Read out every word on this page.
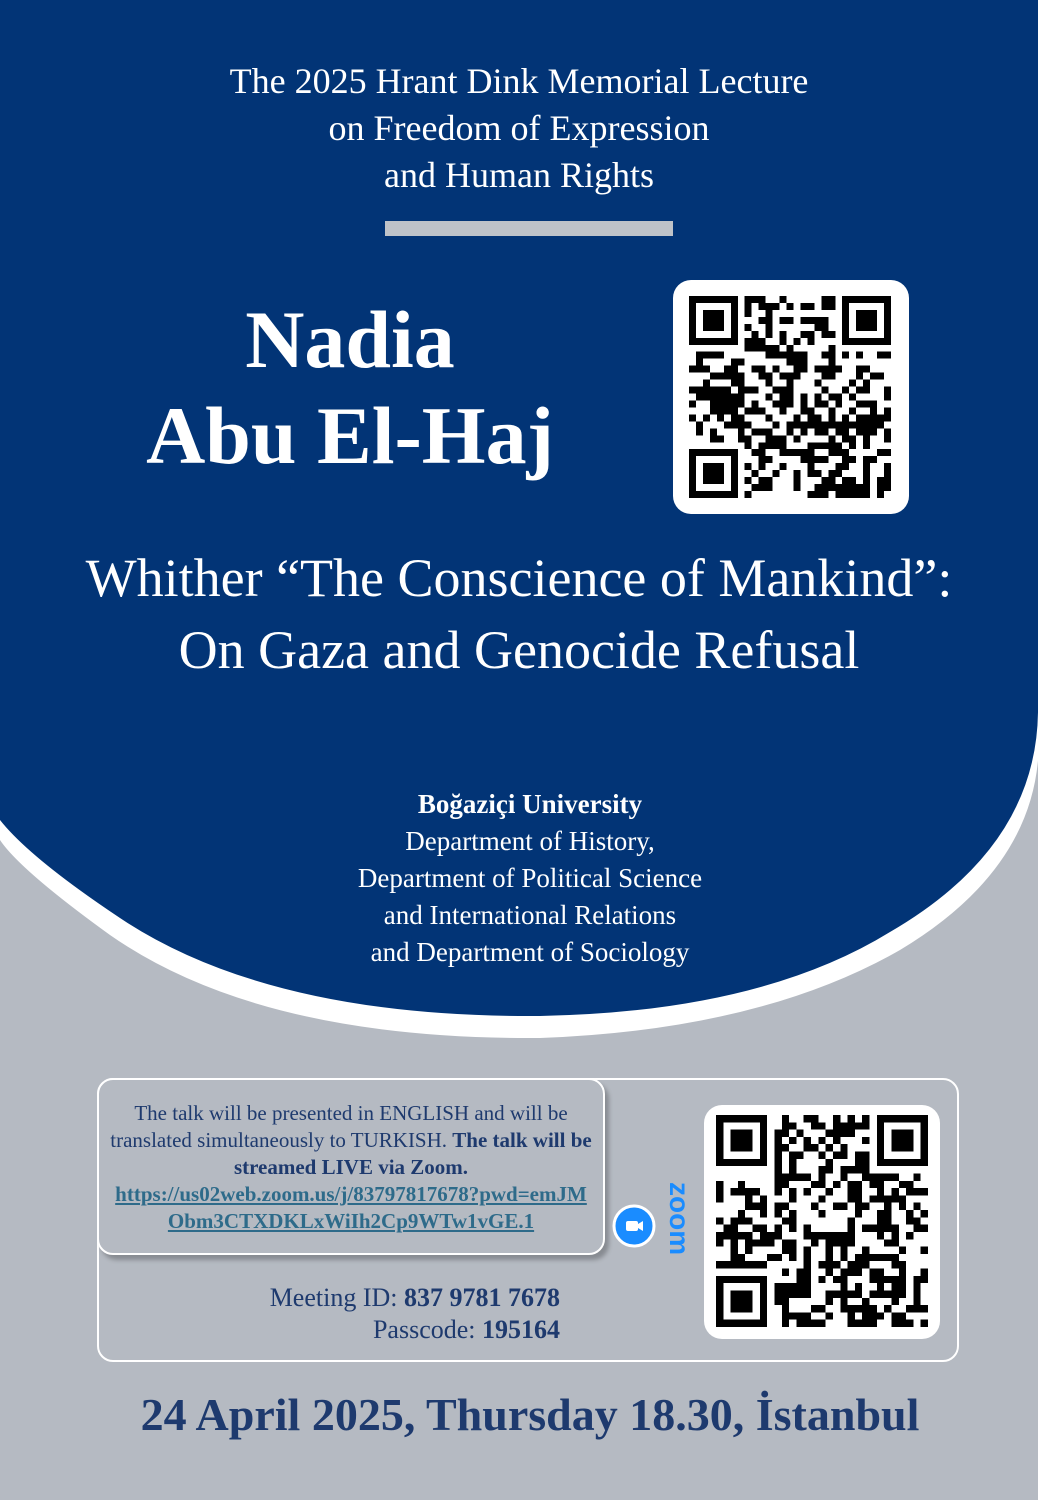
The 2025 Hrant Dink Memorial Lecture
on Freedom of Expression
and Human Rights
Nadia
Abu El-Haj
Whither “The Conscience of Mankind”:
On Gaza and Genocide Refusal
Boğaziçi University
Department of History,
Department of Political Science
and International Relations
and Department of Sociology
The talk will be presented in ENGLISH and will be translated simultaneously to TURKISH. The talk will be streamed LIVE via Zoom.
https://us02web.zoom.us/j/83797817678?pwd=emJMObm3CTXDKLxWiIh2Cp9WTw1vGE.1
Meeting ID: 837 9781 7678
Passcode: 195164
zoom
24 April 2025, Thursday 18.30, İstanbul
